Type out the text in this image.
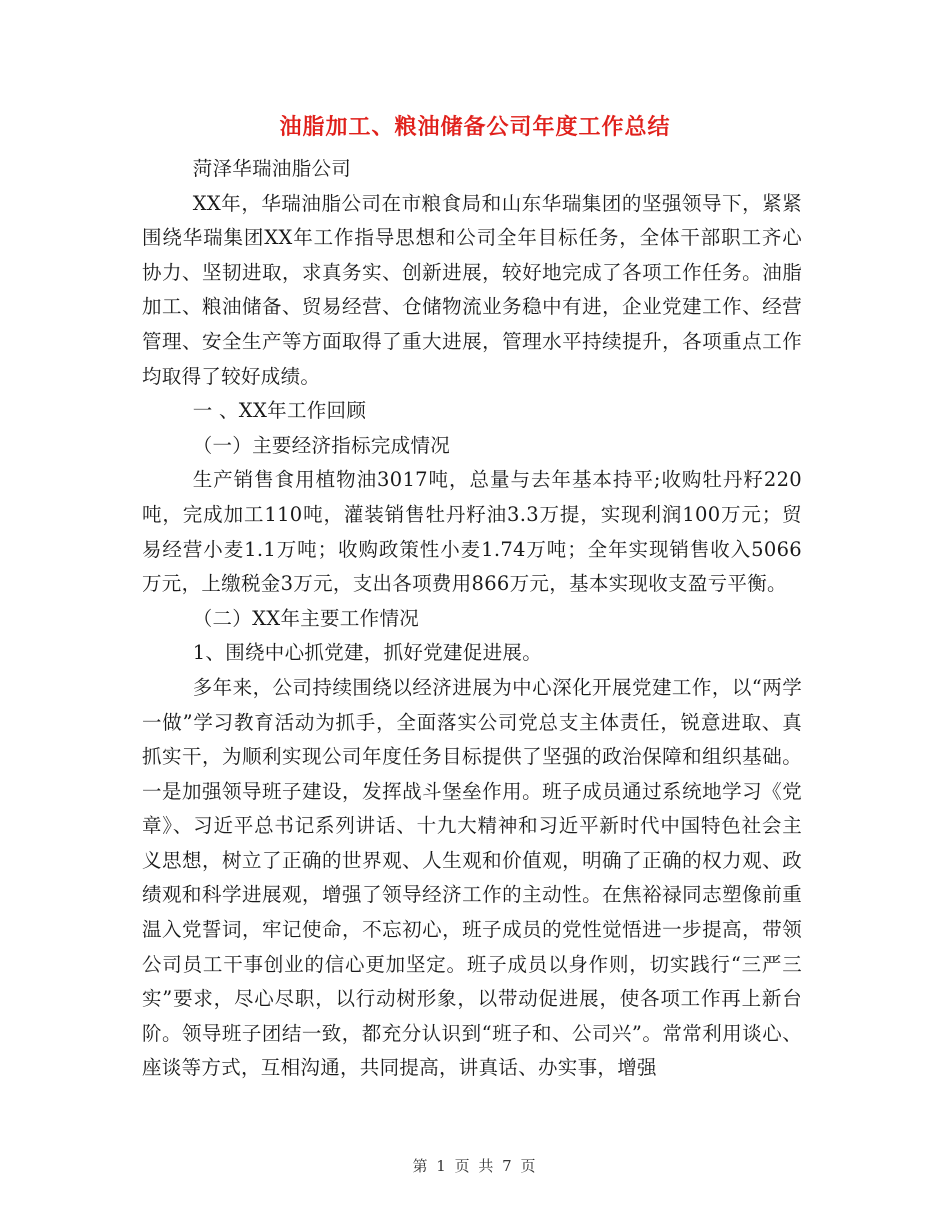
油脂加工、粮油储备公司年度工作总结

菏泽华瑞油脂公司

XX年，华瑞油脂公司在市粮食局和山东华瑞集团的坚强领导下，紧紧围绕华瑞集团XX年工作指导思想和公司全年目标任务，全体干部职工齐心协力、坚韧进取，求真务实、创新进展，较好地完成了各项工作任务。油脂加工、粮油储备、贸易经营、仓储物流业务稳中有进，企业党建工作、经营管理、安全生产等方面取得了重大进展，管理水平持续提升，各项重点工作均取得了较好成绩。

一 、XX年工作回顾

（一）主要经济指标完成情况

生产销售食用植物油3017吨，总量与去年基本持平;收购牡丹籽220吨，完成加工110吨，灌装销售牡丹籽油3.3万提，实现利润100万元；贸易经营小麦1.1万吨；收购政策性小麦1.74万吨；全年实现销售收入5066万元，上缴税金3万元，支出各项费用866万元，基本实现收支盈亏平衡。

（二）XX年主要工作情况

1、围绕中心抓党建，抓好党建促进展。

多年来，公司持续围绕以经济进展为中心深化开展党建工作，以“两学一做”学习教育活动为抓手，全面落实公司党总支主体责任，锐意进取、真抓实干，为顺利实现公司年度任务目标提供了坚强的政治保障和组织基础。一是加强领导班子建设，发挥战斗堡垒作用。班子成员通过系统地学习《党章》、习近平总书记系列讲话、十九大精神和习近平新时代中国特色社会主义思想，树立了正确的世界观、人生观和价值观，明确了正确的权力观、政绩观和科学进展观，增强了领导经济工作的主动性。在焦裕禄同志塑像前重温入党誓词，牢记使命，不忘初心，班子成员的党性觉悟进一步提高，带领公司员工干事创业的信心更加坚定。班子成员以身作则，切实践行“三严三实”要求，尽心尽职，以行动树形象，以带动促进展，使各项工作再上新台阶。领导班子团结一致，都充分认识到“班子和、公司兴”。常常利用谈心、座谈等方式，互相沟通，共同提高，讲真话、办实事，增强

第 1 页 共 7 页
